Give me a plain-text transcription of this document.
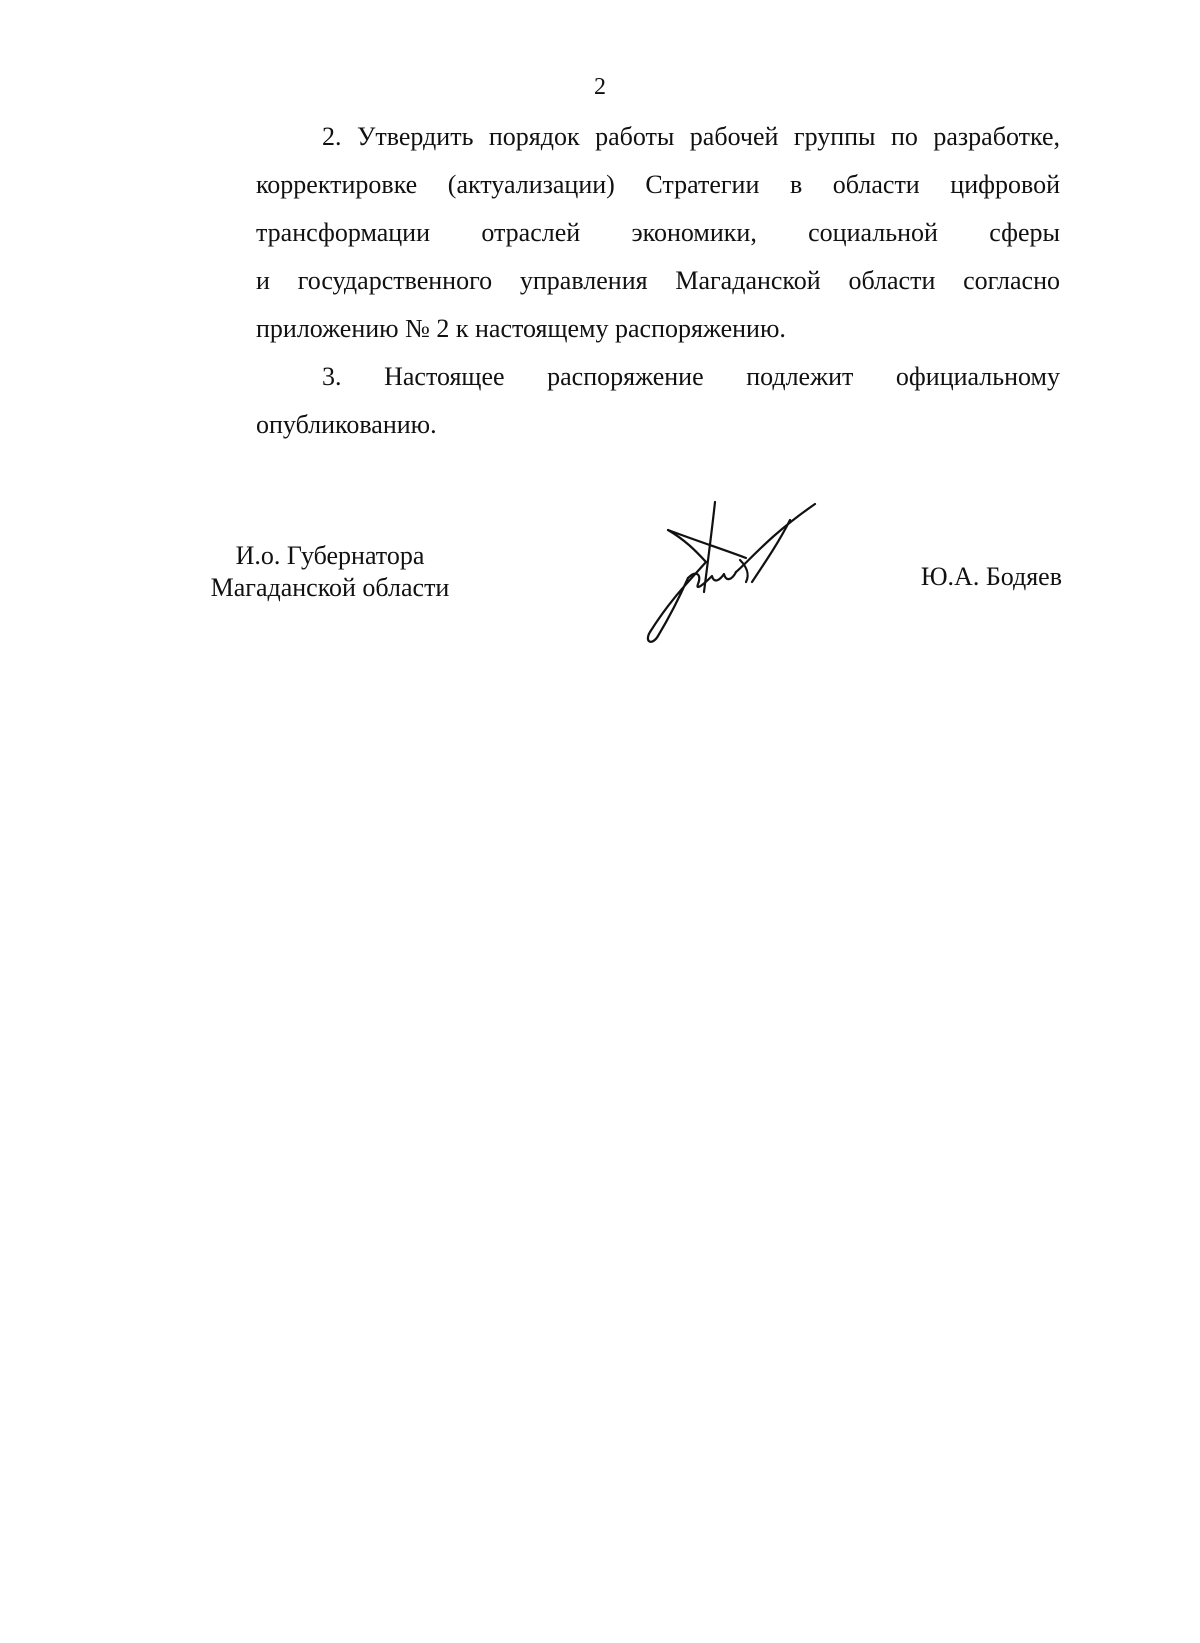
2
2. Утвердить порядок работы рабочей группы по разработке,
корректировке (актуализации) Стратегии в области цифровой
трансформации отраслей экономики, социальной сферы
и государственного управления Магаданской области согласно
приложению № 2 к настоящему распоряжению.
3. Настоящее распоряжение подлежит официальному
опубликованию.
И.о. Губернатора
Магаданской области	Ю.А. Бодяев
